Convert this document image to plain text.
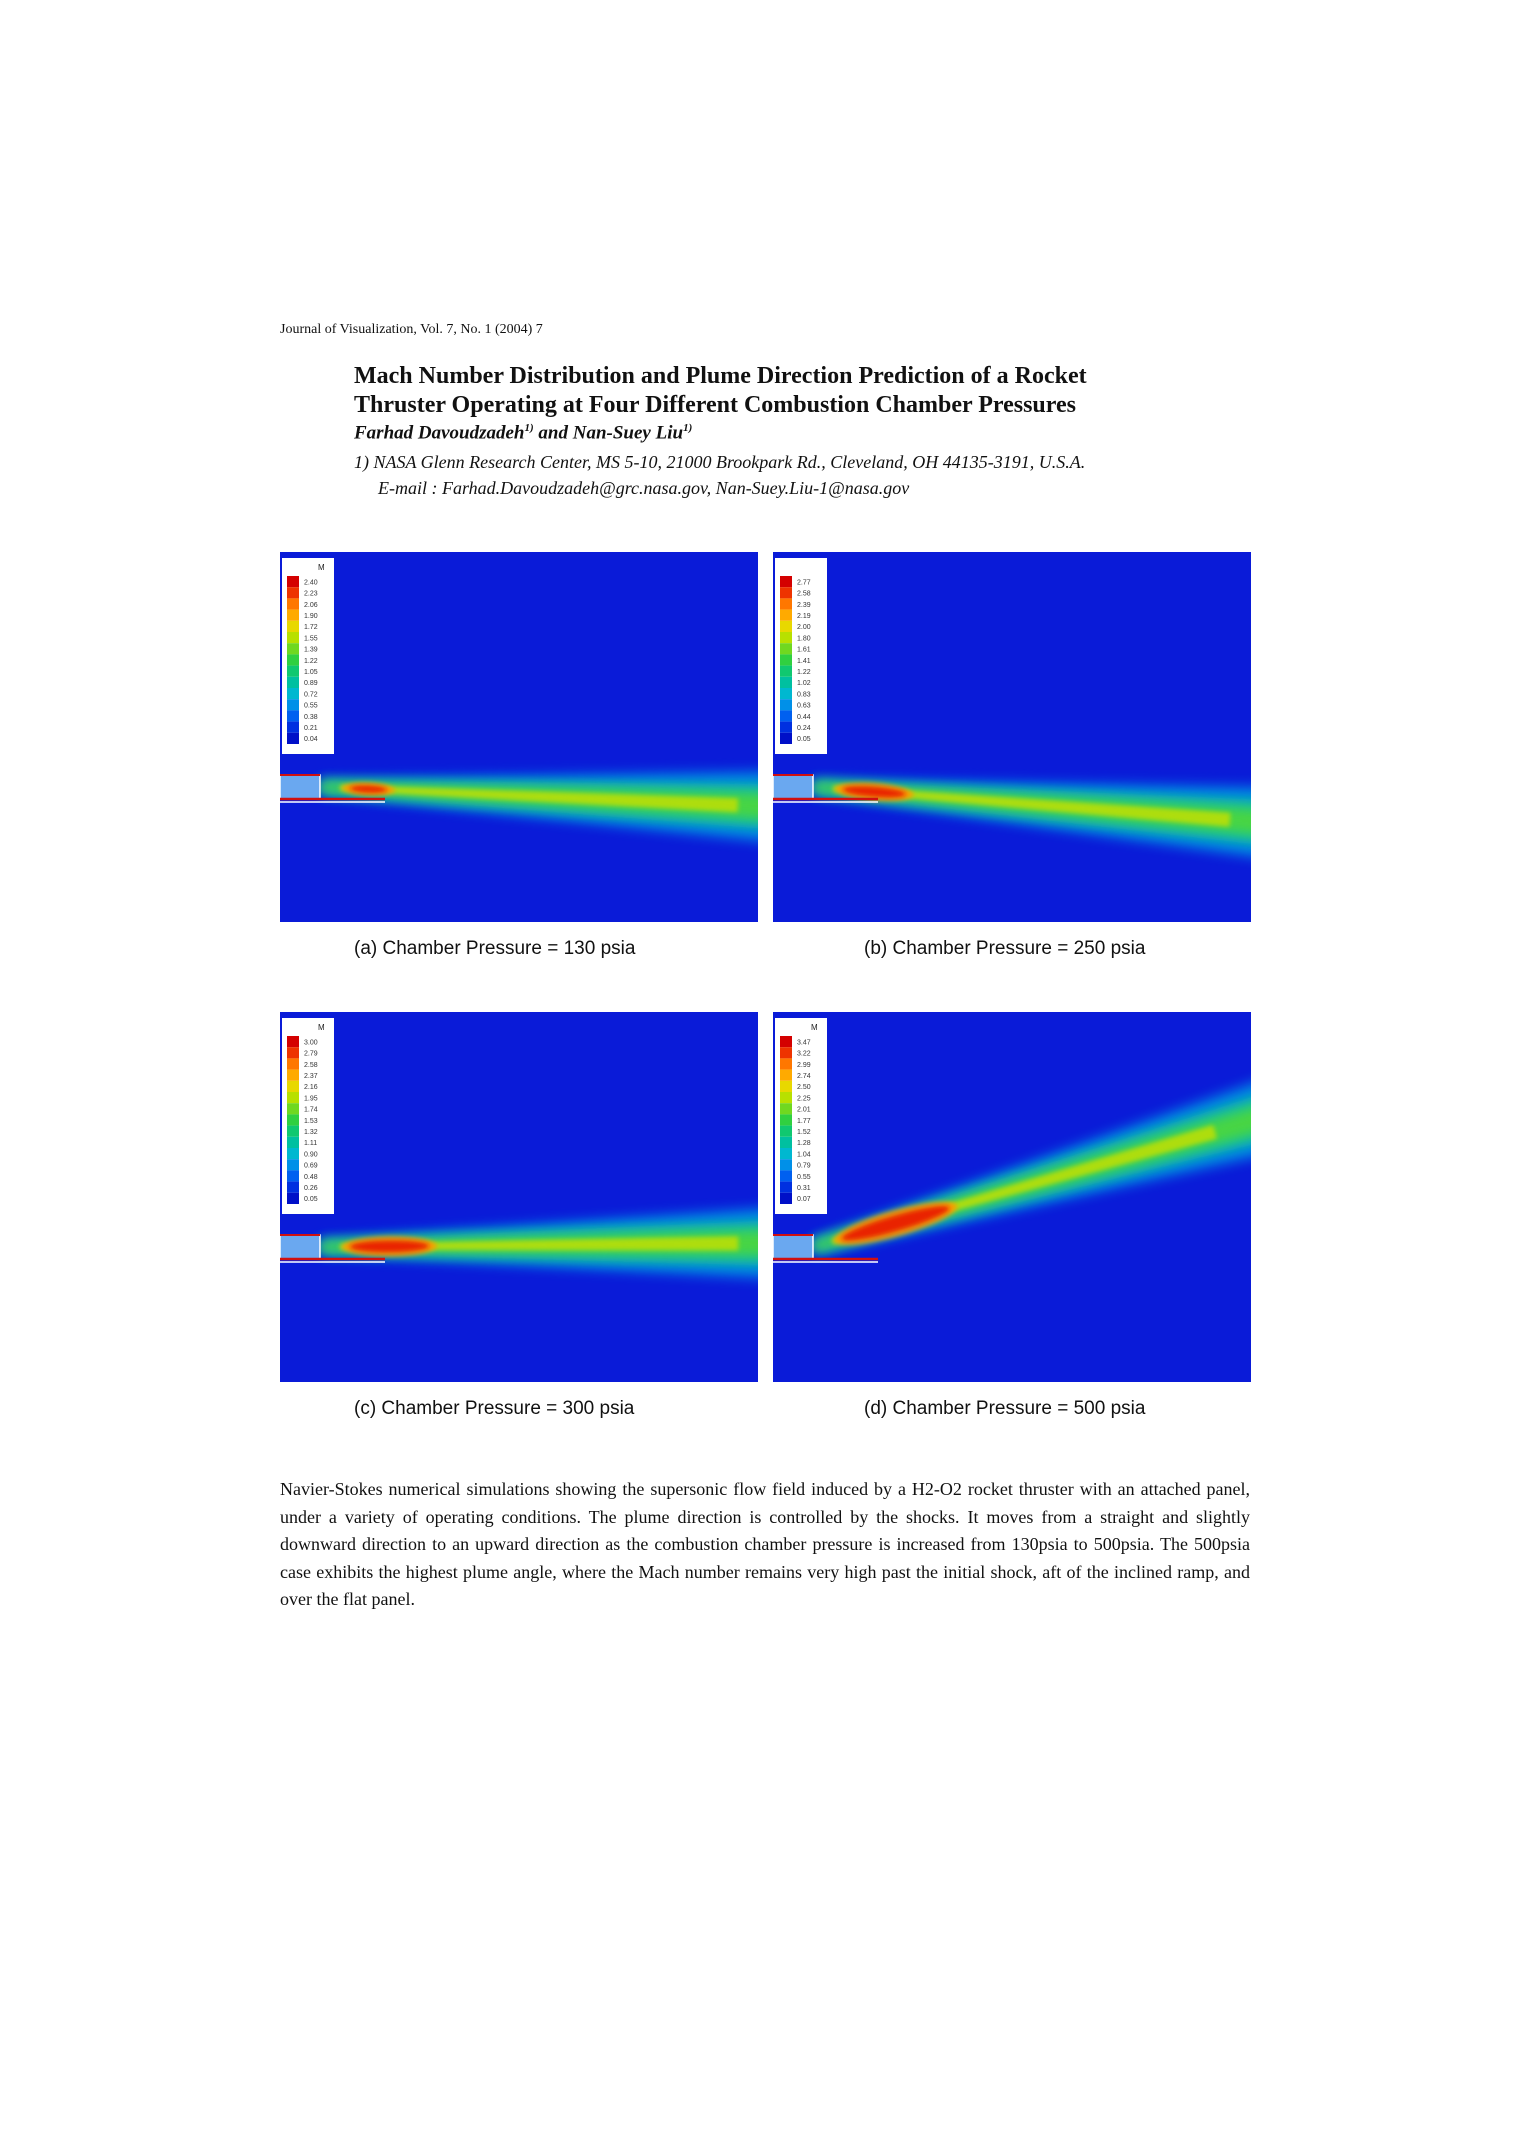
Journal of Visualization, Vol. 7, No. 1 (2004) 7
Mach Number Distribution and Plume Direction Prediction of a Rocket
Thruster Operating at Four Different Combustion Chamber Pressures
Farhad Davoudzadeh$^{1)}$ and Nan-Suey Liu$^{1)}$
1) NASA Glenn Research Center, MS 5-10, 21000 Brookpark Rd., Cleveland, OH 44135-3191, U.S.A.
E-mail : Farhad.Davoudzadeh@grc.nasa.gov, Nan-Suey.Liu-1@nasa.gov
M
2.40
2.23
2.06
1.90
1.72
1.55
1.39
1.22
1.05
0.89
0.72
0.55
0.38
0.21
0.04
2.77
2.58
2.39
2.19
2.00
1.80
1.61
1.41
1.22
1.02
0.83
0.63
0.44
0.24
0.05
M
3.00
2.79
2.58
2.37
2.16
1.95
1.74
1.53
1.32
1.11
0.90
0.69
0.48
0.26
0.05
M
3.47
3.22
2.99
2.74
2.50
2.25
2.01
1.77
1.52
1.28
1.04
0.79
0.55
0.31
0.07
(a) Chamber Pressure = 130 psia	(b) Chamber Pressure = 250 psia
(c) Chamber Pressure = 300 psia	(d) Chamber Pressure = 500 psia
Navier-Stokes numerical simulations showing the supersonic flow field induced by a H2-O2 rocket thruster with an attached panel, under a variety of operating conditions. The plume direction is controlled by the shocks. It moves from a straight and slightly downward direction to an upward direction as the combustion chamber pressure is increased from 130psia to 500psia. The 500psia case exhibits the highest plume angle, where the Mach number remains very high past the initial shock, aft of the inclined ramp, and over the flat panel.
